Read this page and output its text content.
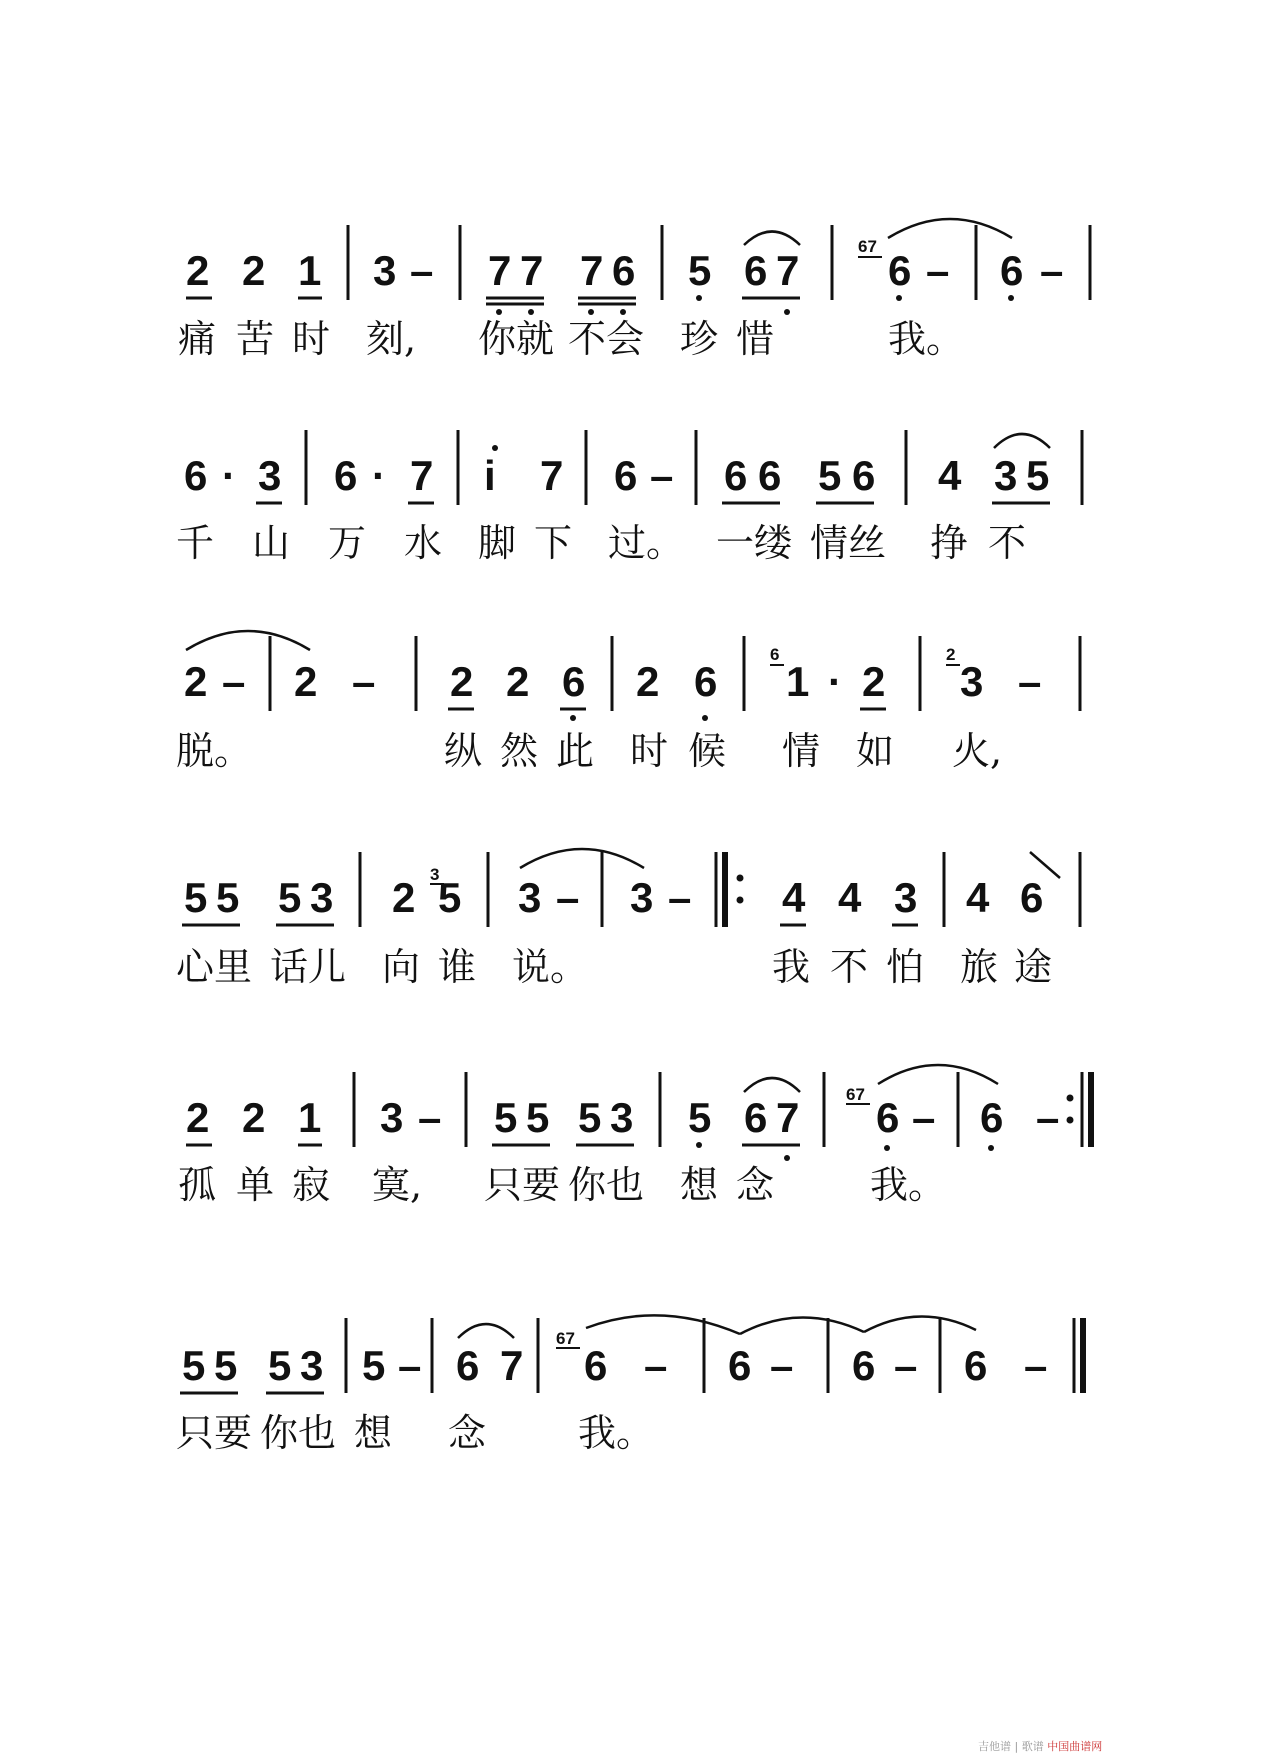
2 2 1 3 – 7 7 7 6 5 6 7 6 – 6 –
67
痛 苦 时 刻, 你就 不会 珍 惜	我。
6 · 3 6 · 7 i 7 6 – 6 6 5 6 4 3 5
千 山 万 水 脚 下 过。 一缕 情丝 挣 不
2 – 2 – 2 2 6 2 6 1 · 2 3 –
6	2
脱。	纵 然 此 时 候 情 如 火,
5 5 5 3 2 5 3 – 3 – 4 4 3 4 6
3
心里 话儿 向 谁 说。	我 不 怕 旅 途
2 2 1 3 – 5 5 5 3 5 6 7 6 – 6 –
67
孤 单 寂 寞, 只要 你也 想 念	我。
5 5 5 3 5 – 6 7 6 – 6 – 6 – 6 –
67
只要 你也 想 念 我。
吉他谱 | 歌谱 中国曲谱网
